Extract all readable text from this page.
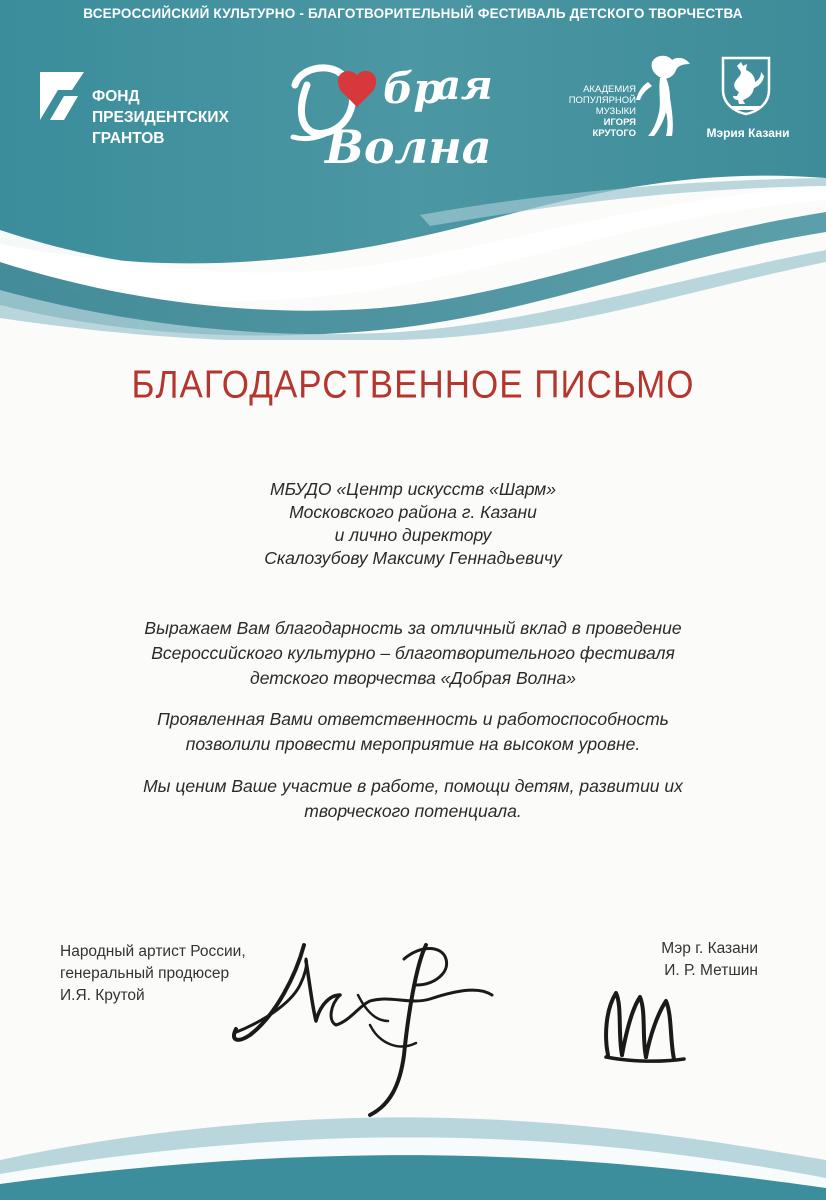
ВСЕРОССИЙСКИЙ КУЛЬТУРНО - БЛАГОТВОРИТЕЛЬНЫЙ ФЕСТИВАЛЬ ДЕТСКОГО ТВОРЧЕСТВА
ФОНД
ПРЕЗИДЕНТСКИХ
ГРАНТОВ
бр
ая
Волна
АКАДЕМИЯ
ПОПУЛЯРНОЙ
МУЗЫКИ
ИГОРЯ
КРУТОГО	Мэрия Казани
БЛАГОДАРСТВЕННОЕ ПИСЬМО
МБУДО «Центр искусств «Шарм»
Московского района г. Казани
и лично директору
Скалозубову Максиму Геннадьевичу
Выражаем Вам благодарность за отличный вклад в проведение
Всероссийского культурно – благотворительного фестиваля
детского творчества «Добрая Волна»
Проявленная Вами ответственность и работоспособность
позволили провести мероприятие на высоком уровне.
Мы ценим Ваше участие в работе, помощи детям, развитии их
творческого потенциала.
Народный артист России,
генеральный продюсер
И.Я. Крутой
Мэр г. Казани
И. Р. Метшин
